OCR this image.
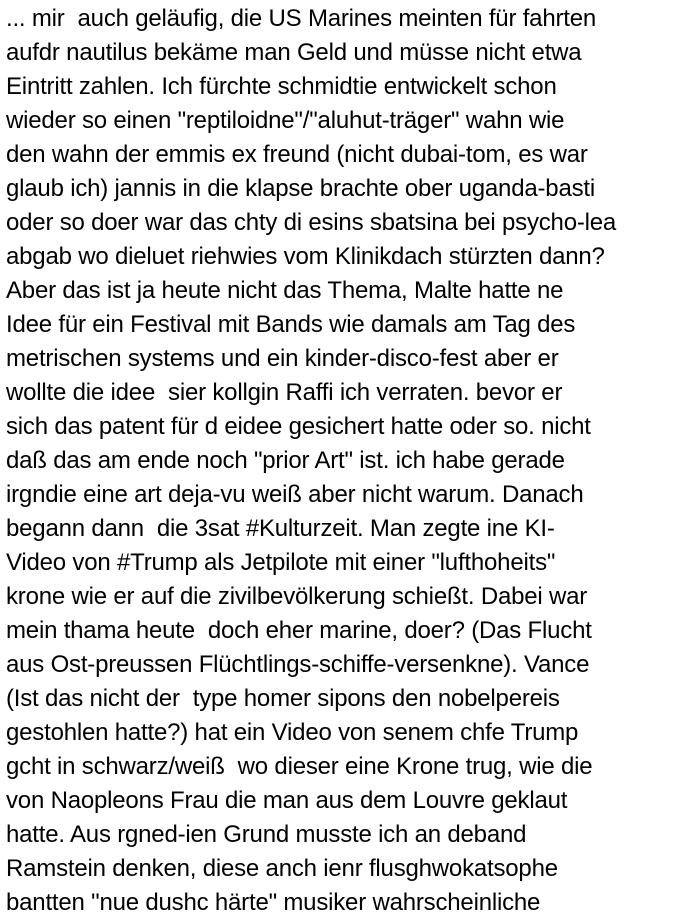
... mir  auch geläufig, die US Marines meinten für fahrten
aufdr nautilus bekäme man Geld und müsse nicht etwa
Eintritt zahlen. Ich fürchte schmidtie entwickelt schon
wieder so einen "reptiloidne"/"aluhut-träger" wahn wie
den wahn der emmis ex freund (nicht dubai-tom, es war
glaub ich) jannis in die klapse brachte ober uganda-basti
oder so doer war das chty di esins sbatsina bei psycho-lea
abgab wo dieluet riehwies vom Klinikdach stürzten dann?
Aber das ist ja heute nicht das Thema, Malte hatte ne
Idee für ein Festival mit Bands wie damals am Tag des
metrischen systems und ein kinder-disco-fest aber er
wollte die idee  sier kollgin Raffi ich verraten. bevor er
sich das patent für d eidee gesichert hatte oder so. nicht
daß das am ende noch "prior Art" ist. ich habe gerade
irgndie eine art deja-vu weiß aber nicht warum. Danach
begann dann  die 3sat #Kulturzeit. Man zegte ine KI-
Video von #Trump als Jetpilote mit einer "lufthoheits"
krone wie er auf die zivilbevölkerung schießt. Dabei war
mein thama heute  doch eher marine, doer? (Das Flucht
aus Ost-preussen Flüchtlings-schiffe-versenkne). Vance
(Ist das nicht der  type homer sipons den nobelpereis
gestohlen hatte?) hat ein Video von senem chfe Trump
gcht in schwarz/weiß  wo dieser eine Krone trug, wie die
von Naopleons Frau die man aus dem Louvre geklaut
hatte. Aus rgned-ien Grund musste ich an deband
Ramstein denken, diese anch ienr flusghwokatsophe
bantten "nue dushc härte" musiker wahrscheinliche
